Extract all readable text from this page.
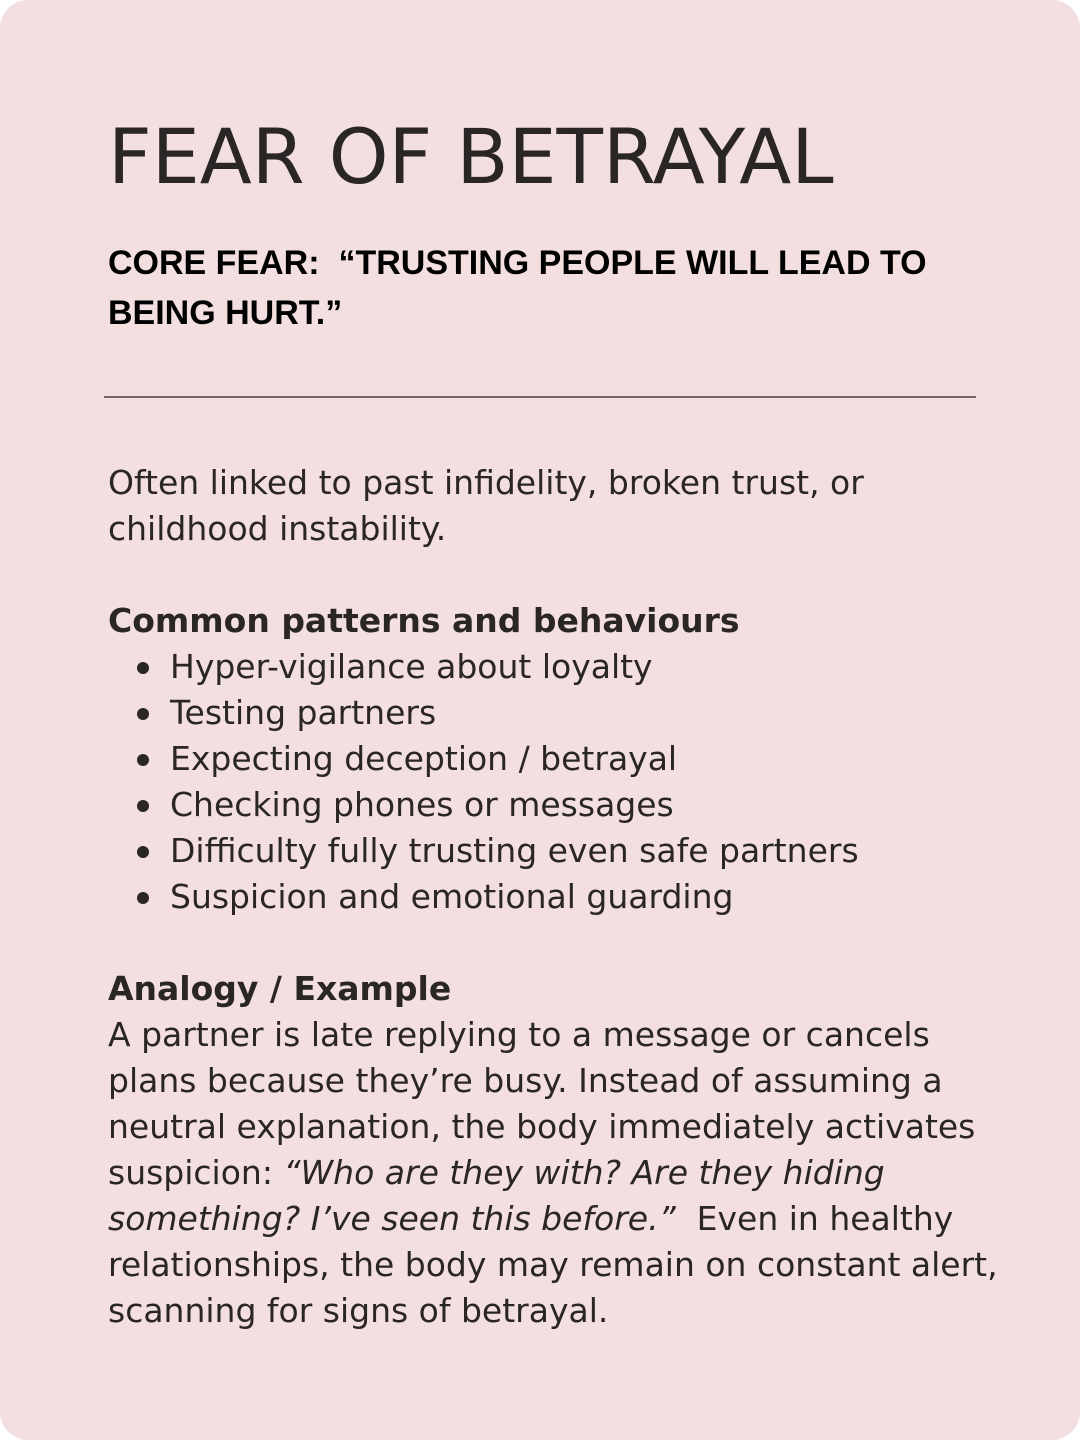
FEAR OF BETRAYAL

CORE FEAR:  “TRUSTING PEOPLE WILL LEAD TO BEING HURT.”

Often linked to past infidelity, broken trust, or childhood instability.

Common patterns and behaviours
Hyper-vigilance about loyalty
Testing partners
Expecting deception / betrayal
Checking phones or messages
Difficulty fully trusting even safe partners
Suspicion and emotional guarding
Analogy / Example

A partner is late replying to a message or cancels plans because they’re busy. Instead of assuming a neutral explanation, the body immediately activates suspicion: “Who are they with? Are they hiding something? I’ve seen this before.”  Even in healthy relationships, the body may remain on constant alert, scanning for signs of betrayal.
